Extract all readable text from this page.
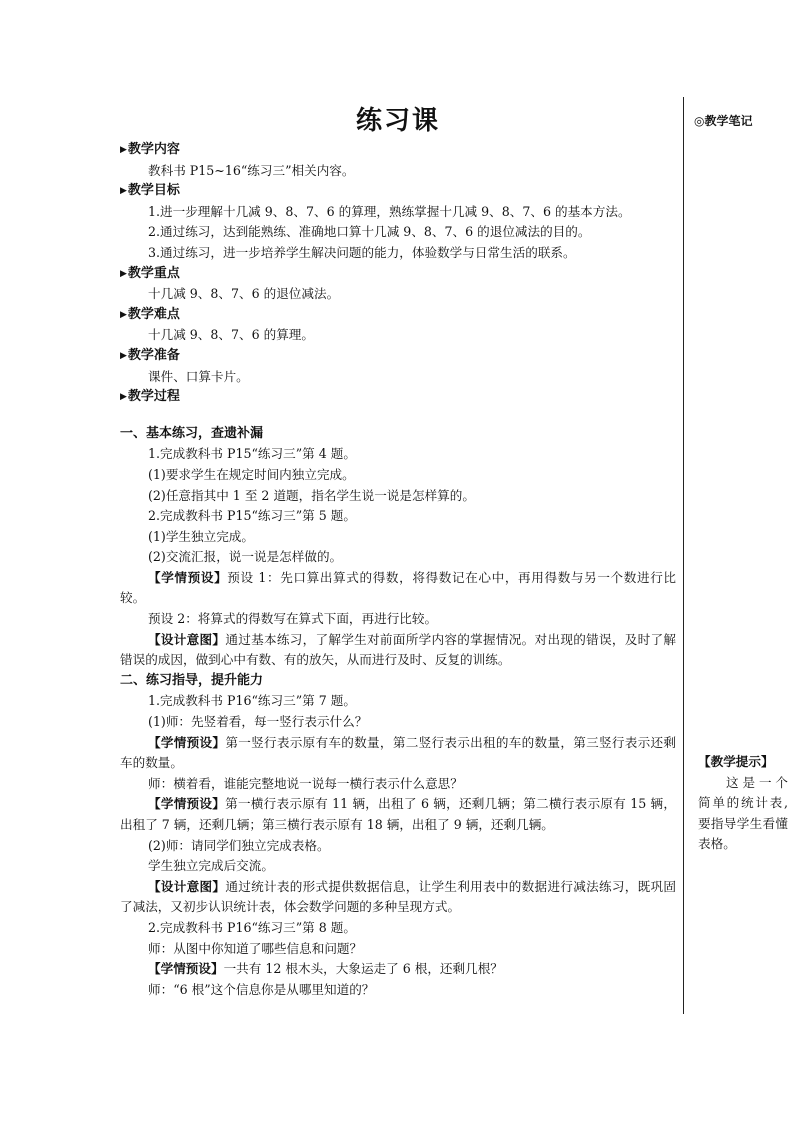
练习课	◎教学笔记

▶教学内容

教科书 P15~16“练习三”相关内容。

▶教学目标

1.进一步理解十几减 9、8、7、6 的算理，熟练掌握十几减 9、8、7、6 的基本方法。

2.通过练习，达到能熟练、准确地口算十几减 9、8、7、6 的退位减法的目的。

3.通过练习，进一步培养学生解决问题的能力，体验数学与日常生活的联系。

▶教学重点

十几减 9、8、7、6 的退位减法。

▶教学难点

十几减 9、8、7、6 的算理。

▶教学准备

课件、口算卡片。

▶教学过程

一、基本练习，查遗补漏

1.完成教科书 P15“练习三”第 4 题。

(1)要求学生在规定时间内独立完成。

(2)任意指其中 1 至 2 道题，指名学生说一说是怎样算的。

2.完成教科书 P15“练习三”第 5 题。

(1)学生独立完成。

(2)交流汇报，说一说是怎样做的。

【学情预设】预设 1：先口算出算式的得数，将得数记在心中，再用得数与另一个数进行比较。

预设 2：将算式的得数写在算式下面，再进行比较。

【设计意图】通过基本练习，了解学生对前面所学内容的掌握情况。对出现的错误，及时了解错误的成因，做到心中有数、有的放矢，从而进行及时、反复的训练。

二、练习指导，提升能力

1.完成教科书 P16“练习三”第 7 题。

(1)师：先竖着看，每一竖行表示什么？

【学情预设】第一竖行表示原有车的数量，第二竖行表示出租的车的数量，第三竖行表示还剩车的数量。

师：横着看，谁能完整地说一说每一横行表示什么意思？

【学情预设】第一横行表示原有 11 辆，出租了 6 辆，还剩几辆；第二横行表示原有 15 辆，出租了 7 辆，还剩几辆；第三横行表示原有 18 辆，出租了 9 辆，还剩几辆。

(2)师：请同学们独立完成表格。

学生独立完成后交流。

【设计意图】通过统计表的形式提供数据信息，让学生利用表中的数据进行减法练习，既巩固了减法，又初步认识统计表，体会数学问题的多种呈现方式。

2.完成教科书 P16“练习三”第 8 题。

师：从图中你知道了哪些信息和问题？

【学情预设】一共有 12 根木头，大象运走了 6 根，还剩几根？

师：“6 根”这个信息你是从哪里知道的？

【教学提示】
这是一个简单的统计表,要指导学生看懂表格。
